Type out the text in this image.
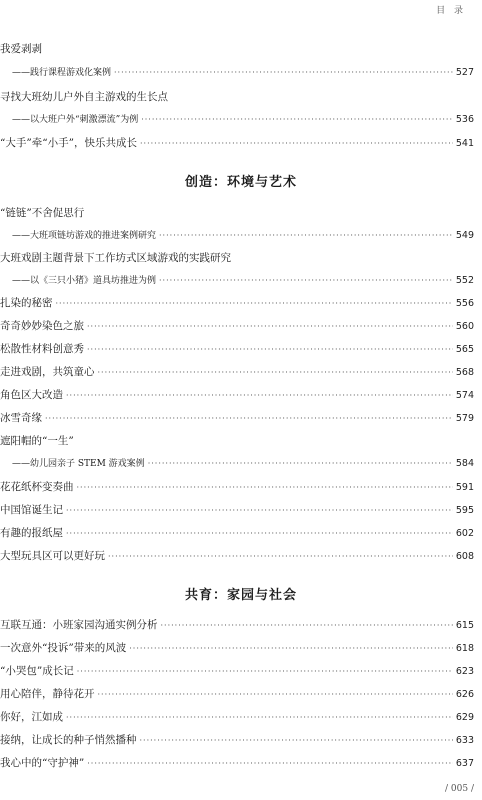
目 录
我爱剥剥
——践行课程游戏化案例 ·····	527
寻找大班幼儿户外自主游戏的生长点
——以大班户外“刺激漂流”为例 ·····	536
“大手”牵“小手”，快乐共成长 ·····	541
创造：环境与艺术
“链链”不舍促思行
——大班项链坊游戏的推进案例研究 ·····	549
大班戏剧主题背景下工作坊式区域游戏的实践研究
——以《三只小猪》道具坊推进为例 ·····	552
扎染的秘密 ·····	556
奇奇妙妙染色之旅 ·····	560
松散性材料创意秀 ·····	565
走进戏剧，共筑童心 ·····	568
角色区大改造 ·····	574
冰雪奇缘 ·····	579
遮阳帽的“一生”
——幼儿园亲子 STEM 游戏案例 ·····	584
花花纸杯变奏曲 ·····	591
中国馆诞生记 ·····	595
有趣的报纸屋 ·····	602
大型玩具区可以更好玩 ·····	608
共育：家园与社会
互联互通：小班家园沟通实例分析 ·····	615
一次意外“投诉”带来的风波 ·····	618
“小哭包”成长记 ·····	623
用心陪伴，静待花开 ·····	626
你好，江如成 ·····	629
接纳，让成长的种子悄然播种 ·····	633
我心中的“守护神” ·····	637
/ 005 /
